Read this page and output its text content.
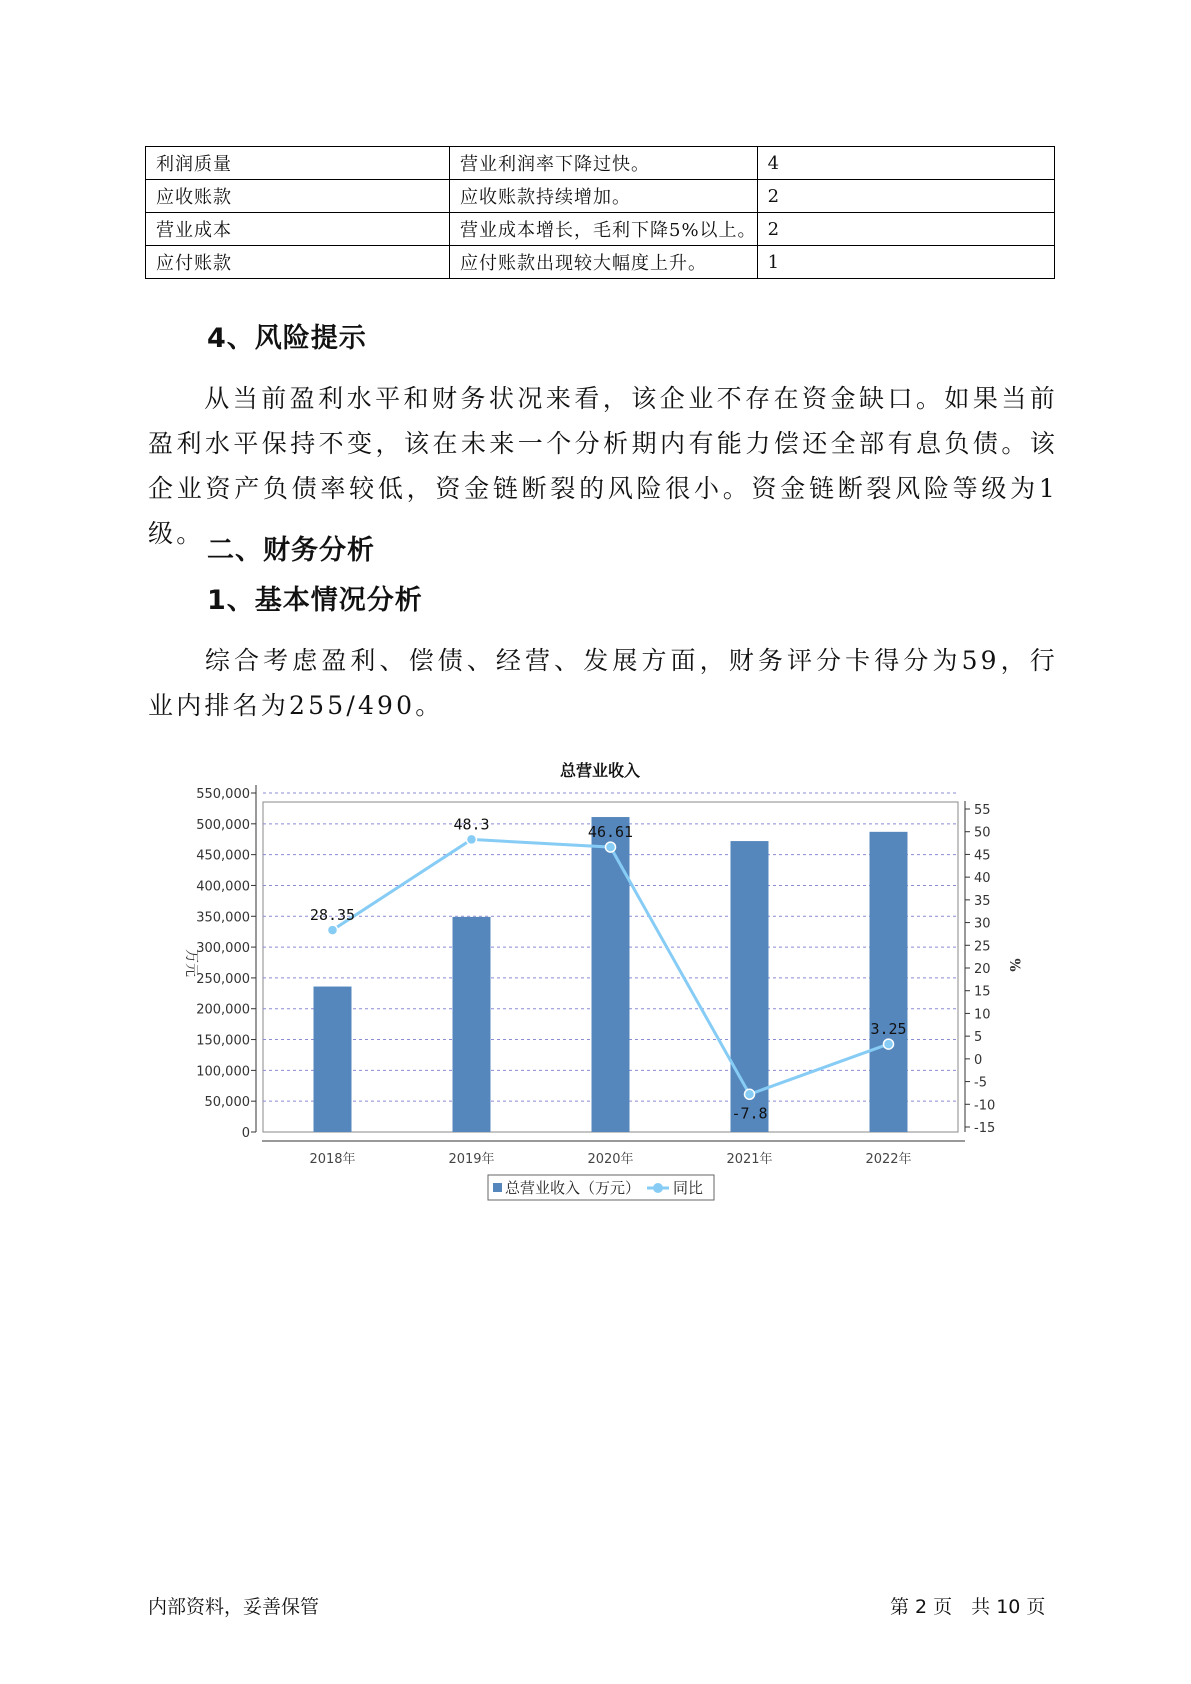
利润质量	营业利润率下降过快。	4
应收账款	应收账款持续增加。	2
营业成本	营业成本增长，毛利下降5%以上。	2
应付账款	应付账款出现较大幅度上升。	1
4、风险提示
从当前盈利水平和财务状况来看，该企业不存在资金缺口。如果当前盈利水平保持不变，该在未来一个分析期内有能力偿还全部有息负债。该企业资产负债率较低，资金链断裂的风险很小。资金链断裂风险等级为1级。
二、财务分析
1、基本情况分析
综合考虑盈利、偿债、经营、发展方面，财务评分卡得分为59，行业内排名为255/490。
总营业收入
0
50,000
100,000
150,000
200,000
250,000
300,000
350,000
400,000
450,000
500,000
550,000
-15
-10
-5
0
5
10
15
20
25
30
35
40
45
50
55
万元	%
2018年	2019年	2020年	2021年	2022年
28.35
48.3	46.61
-7.8
3.25
总营业收入（万元） 同比
内部资料，妥善保管	第 2 页　共 10 页
